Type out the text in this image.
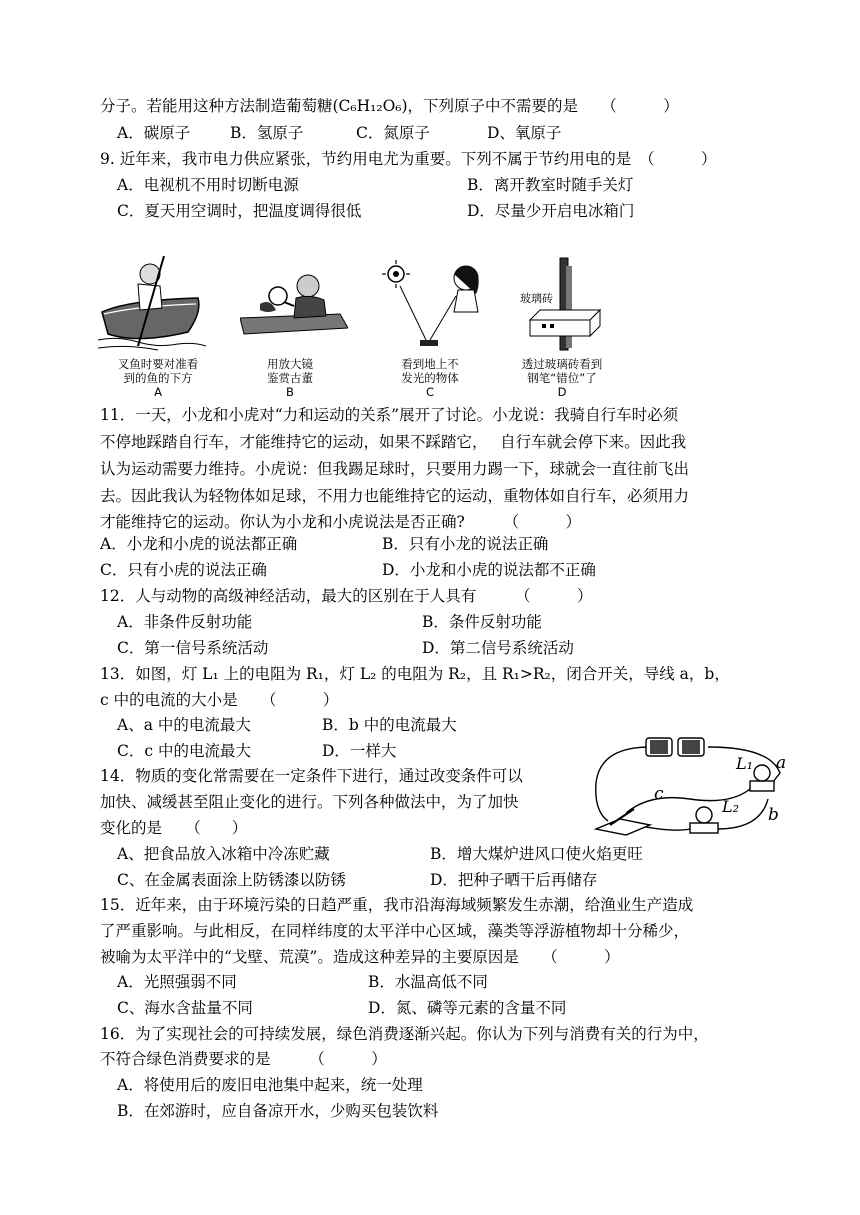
分子。若能用这种方法制造葡萄糖(C₆H₁₂O₆)，下列原子中不需要的是　　（　　　）
A．碳原子	B．氢原子	C．氮原子	D、氧原子
9. 近年来，我市电力供应紧张，节约用电尤为重要。下列不属于节约用电的是　（　　　）
A．电视机不用时切断电源	B．离开教室时随手关灯
C．夏天用空调时，把温度调得很低	D．尽量少开启电冰箱门
玻璃砖
叉鱼时要对准看
到的鱼的下方
A
用放大镜
鉴赏古董
B
看到地上不
发光的物体
C
透过玻璃砖看到
钢笔“错位”了
D
11．一天，小龙和小虎对“力和运动的关系”展开了讨论。小龙说：我骑自行车时必须
不停地踩踏自行车，才能维持它的运动，如果不踩踏它，　 自行车就会停下来。因此我
认为运动需要力维持。小虎说：但我踢足球时，只要用力踢一下，球就会一直往前飞出
去。因此我认为轻物体如足球，不用力也能维持它的运动，重物体如自行车，必须用力
才能维持它的运动。你认为小龙和小虎说法是否正确?　　　（　　　）
A．小龙和小虎的说法都正确	B．只有小龙的说法正确
C．只有小虎的说法正确	D．小龙和小虎的说法都不正确
12．人与动物的高级神经活动，最大的区别在于人具有　　　（　　　）
A．非条件反射功能	B．条件反射功能
C．第一信号系统活动	D．第二信号系统活动
13．如图，灯 L₁ 上的电阻为 R₁，灯 L₂ 的电阻为 R₂，且 R₁>R₂，闭合开关，导线 a，b，
c 中的电流的大小是　　（　　　）
A、a 中的电流最大	B．b 中的电流最大
C．c 中的电流最大	D．一样大
L₁ a
c
L₂ b
14．物质的变化常需要在一定条件下进行，通过改变条件可以
加快、减缓甚至阻止变化的进行。下列各种做法中，为了加快
变化的是　　（　　）
A、把食品放入冰箱中冷冻贮藏	B．增大煤炉进风口使火焰更旺
C、在金属表面涂上防锈漆以防锈	D．把种子晒干后再储存
15．近年来，由于环境污染的日趋严重，我市沿海海域频繁发生赤潮，给渔业生产造成
了严重影响。与此相反，在同样纬度的太平洋中心区域，藻类等浮游植物却十分稀少，
被喻为太平洋中的“戈壁、荒漠”。造成这种差异的主要原因是　　（　　　）
A．光照强弱不同	B．水温高低不同
C、海水含盐量不同	D．氮、磷等元素的含量不同
16．为了实现社会的可持续发展，绿色消费逐渐兴起。你认为下列与消费有关的行为中，
不符合绿色消费要求的是　　　（　　　）
A．将使用后的废旧电池集中起来，统一处理
B．在郊游时，应自备凉开水，少购买包装饮料
